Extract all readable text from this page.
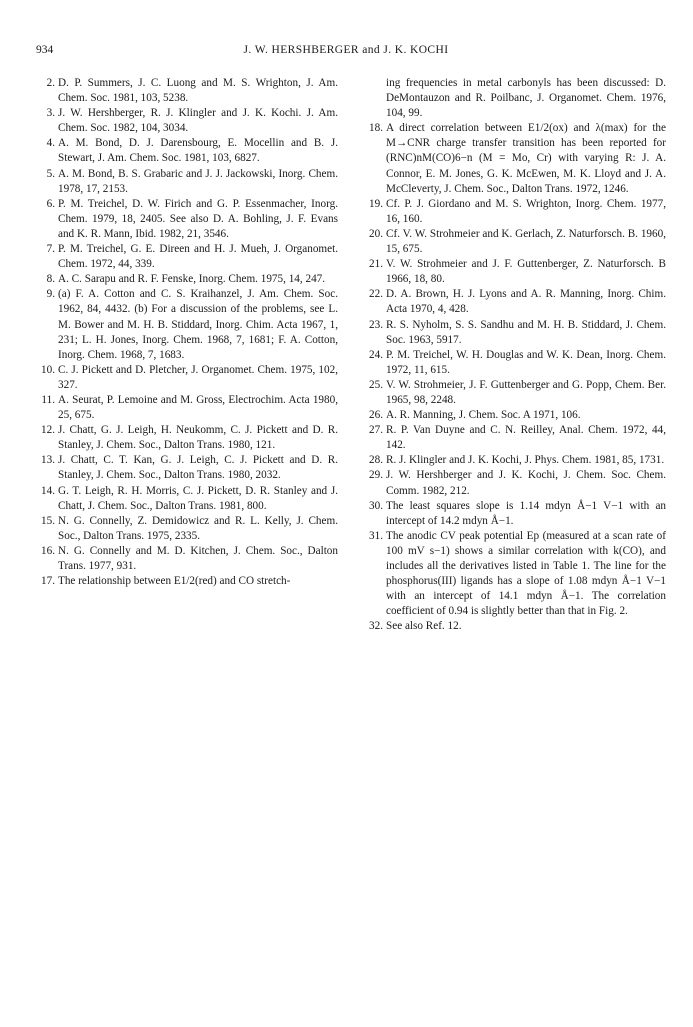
934	J. W. HERSHBERGER and J. K. KOCHI

2. D. P. Summers, J. C. Luong and M. S. Wrighton, J. Am. Chem. Soc. 1981, 103, 5238.

3. J. W. Hershberger, R. J. Klingler and J. K. Kochi. J. Am. Chem. Soc. 1982, 104, 3034.

4. A. M. Bond, D. J. Darensbourg, E. Mocellin and B. J. Stewart, J. Am. Chem. Soc. 1981, 103, 6827.

5. A. M. Bond, B. S. Grabaric and J. J. Jackowski, Inorg. Chem. 1978, 17, 2153.

6. P. M. Treichel, D. W. Firich and G. P. Essenmacher, Inorg. Chem. 1979, 18, 2405. See also D. A. Bohling, J. F. Evans and K. R. Mann, Ibid. 1982, 21, 3546.

7. P. M. Treichel, G. E. Direen and H. J. Mueh, J. Organomet. Chem. 1972, 44, 339.

8. A. C. Sarapu and R. F. Fenske, Inorg. Chem. 1975, 14, 247.

9. (a) F. A. Cotton and C. S. Kraihanzel, J. Am. Chem. Soc. 1962, 84, 4432. (b) For a discussion of the problems, see L. M. Bower and M. H. B. Stiddard, Inorg. Chim. Acta 1967, 1, 231; L. H. Jones, Inorg. Chem. 1968, 7, 1681; F. A. Cotton, Inorg. Chem. 1968, 7, 1683.

10. C. J. Pickett and D. Pletcher, J. Organomet. Chem. 1975, 102, 327.

11. A. Seurat, P. Lemoine and M. Gross, Electrochim. Acta 1980, 25, 675.

12. J. Chatt, G. J. Leigh, H. Neukomm, C. J. Pickett and D. R. Stanley, J. Chem. Soc., Dalton Trans. 1980, 121.

13. J. Chatt, C. T. Kan, G. J. Leigh, C. J. Pickett and D. R. Stanley, J. Chem. Soc., Dalton Trans. 1980, 2032.

14. G. T. Leigh, R. H. Morris, C. J. Pickett, D. R. Stanley and J. Chatt, J. Chem. Soc., Dalton Trans. 1981, 800.

15. N. G. Connelly, Z. Demidowicz and R. L. Kelly, J. Chem. Soc., Dalton Trans. 1975, 2335.

16. N. G. Connelly and M. D. Kitchen, J. Chem. Soc., Dalton Trans. 1977, 931.

17. The relationship between E1/2(red) and CO stretch-

ing frequencies in metal carbonyls has been discussed: D. DeMontauzon and R. Poilbanc, J. Organomet. Chem. 1976, 104, 99.

18. A direct correlation between E1/2(ox) and λ(max) for the M→CNR charge transfer transition has been reported for (RNC)nM(CO)6−n (M = Mo, Cr) with varying R: J. A. Connor, E. M. Jones, G. K. McEwen, M. K. Lloyd and J. A. McCleverty, J. Chem. Soc., Dalton Trans. 1972, 1246.

19. Cf. P. J. Giordano and M. S. Wrighton, Inorg. Chem. 1977, 16, 160.

20. Cf. V. W. Strohmeier and K. Gerlach, Z. Naturforsch. B. 1960, 15, 675.

21. V. W. Strohmeier and J. F. Guttenberger, Z. Naturforsch. B 1966, 18, 80.

22. D. A. Brown, H. J. Lyons and A. R. Manning, Inorg. Chim. Acta 1970, 4, 428.

23. R. S. Nyholm, S. S. Sandhu and M. H. B. Stiddard, J. Chem. Soc. 1963, 5917.

24. P. M. Treichel, W. H. Douglas and W. K. Dean, Inorg. Chem. 1972, 11, 615.

25. V. W. Strohmeier, J. F. Guttenberger and G. Popp, Chem. Ber. 1965, 98, 2248.

26. A. R. Manning, J. Chem. Soc. A 1971, 106.

27. R. P. Van Duyne and C. N. Reilley, Anal. Chem. 1972, 44, 142.

28. R. J. Klingler and J. K. Kochi, J. Phys. Chem. 1981, 85, 1731.

29. J. W. Hershberger and J. K. Kochi, J. Chem. Soc. Chem. Comm. 1982, 212.

30. The least squares slope is 1.14 mdyn Å−1 V−1 with an intercept of 14.2 mdyn Å−1.

31. The anodic CV peak potential Ep (measured at a scan rate of 100 mV s−1) shows a similar correlation with k(CO), and includes all the derivatives listed in Table 1. The line for the phosphorus(III) ligands has a slope of 1.08 mdyn Å−1 V−1 with an intercept of 14.1 mdyn Å−1. The correlation coefficient of 0.94 is slightly better than that in Fig. 2.

32. See also Ref. 12.
